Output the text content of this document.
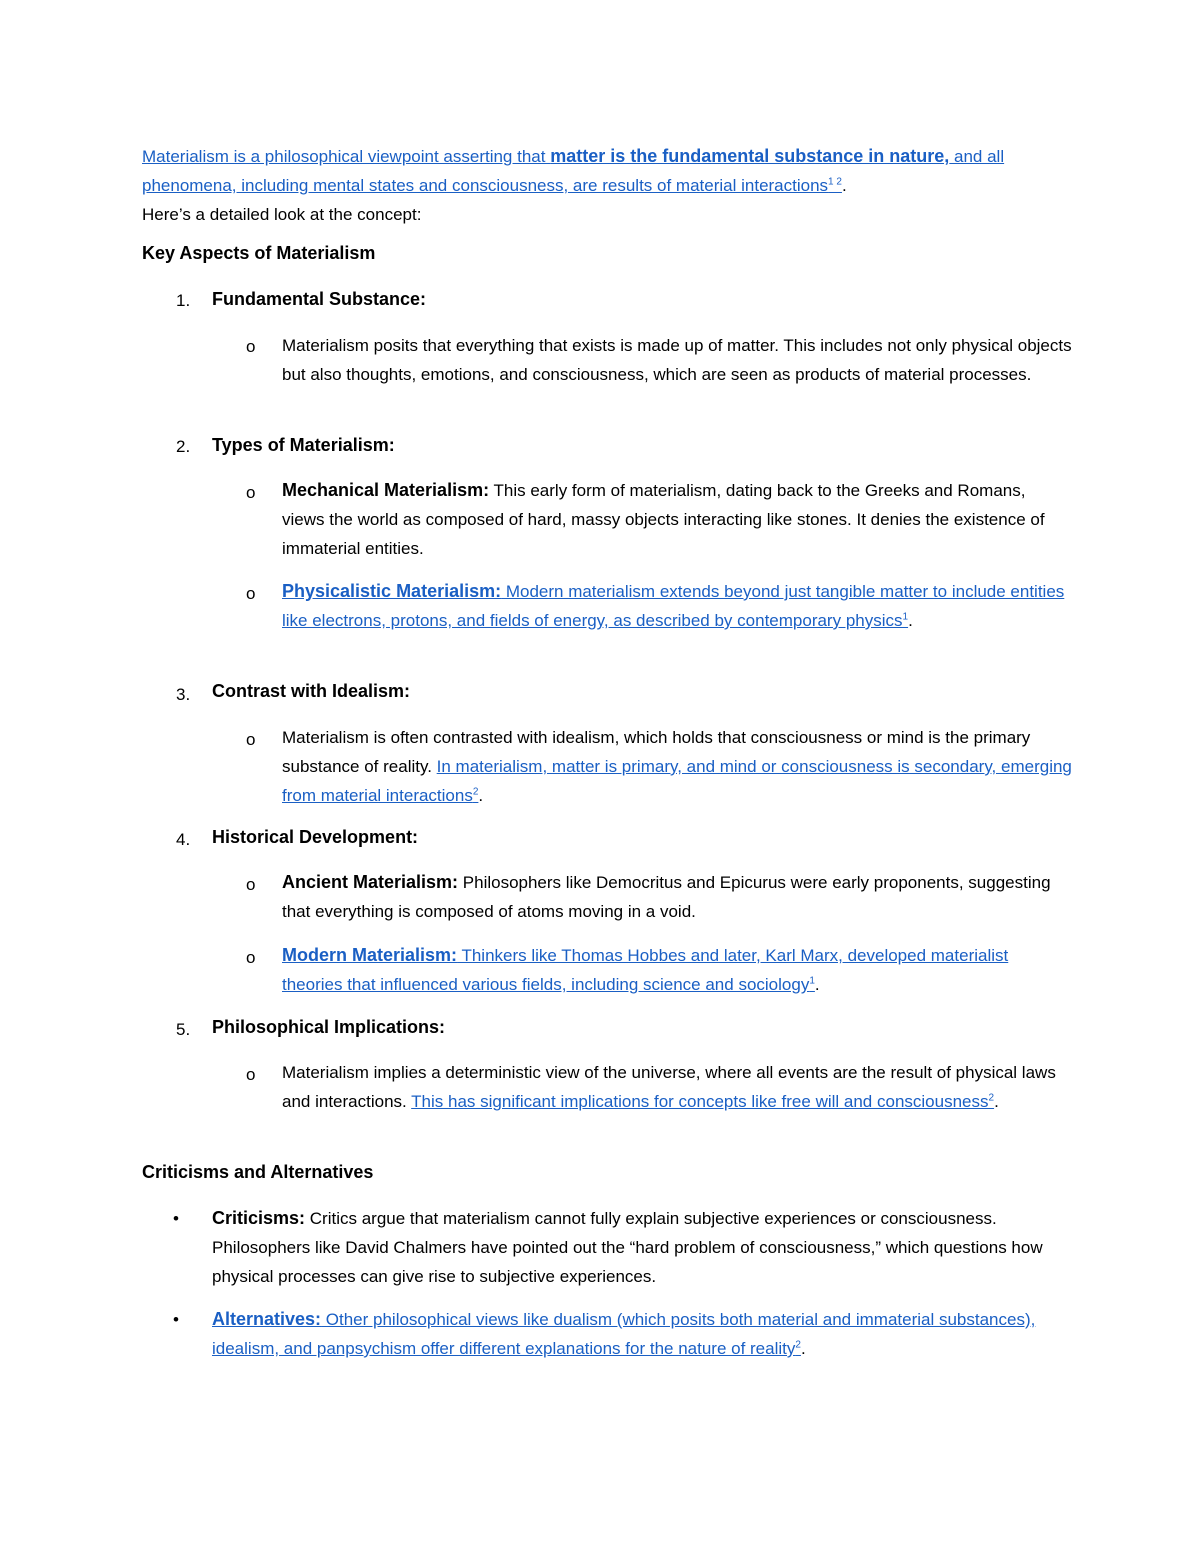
Materialism is a philosophical viewpoint asserting that matter is the fundamental substance in nature, and all phenomena, including mental states and consciousness, are results of material interactions$^{1 2}$.
Here’s a detailed look at the concept:
Key Aspects of Materialism
1. Fundamental Substance:
o Materialism posits that everything that exists is made up of matter. This includes not only physical objects but also thoughts, emotions, and consciousness, which are seen as products of material processes.
2. Types of Materialism:
o Mechanical Materialism: This early form of materialism, dating back to the Greeks and Romans, views the world as composed of hard, massy objects interacting like stones. It denies the existence of immaterial entities.
o Physicalistic Materialism: Modern materialism extends beyond just tangible matter to include entities like electrons, protons, and fields of energy, as described by contemporary physics$^1$.
3. Contrast with Idealism:
o Materialism is often contrasted with idealism, which holds that consciousness or mind is the primary substance of reality. In materialism, matter is primary, and mind or consciousness is secondary, emerging from material interactions$^2$.
4. Historical Development:
o Ancient Materialism: Philosophers like Democritus and Epicurus were early proponents, suggesting that everything is composed of atoms moving in a void.
o Modern Materialism: Thinkers like Thomas Hobbes and later, Karl Marx, developed materialist theories that influenced various fields, including science and sociology$^1$.
5. Philosophical Implications:
o Materialism implies a deterministic view of the universe, where all events are the result of physical laws and interactions. This has significant implications for concepts like free will and consciousness$^2$.
Criticisms and Alternatives
• Criticisms: Critics argue that materialism cannot fully explain subjective experiences or consciousness. Philosophers like David Chalmers have pointed out the “hard problem of consciousness,” which questions how physical processes can give rise to subjective experiences.
• Alternatives: Other philosophical views like dualism (which posits both material and immaterial substances), idealism, and panpsychism offer different explanations for the nature of reality$^2$.
